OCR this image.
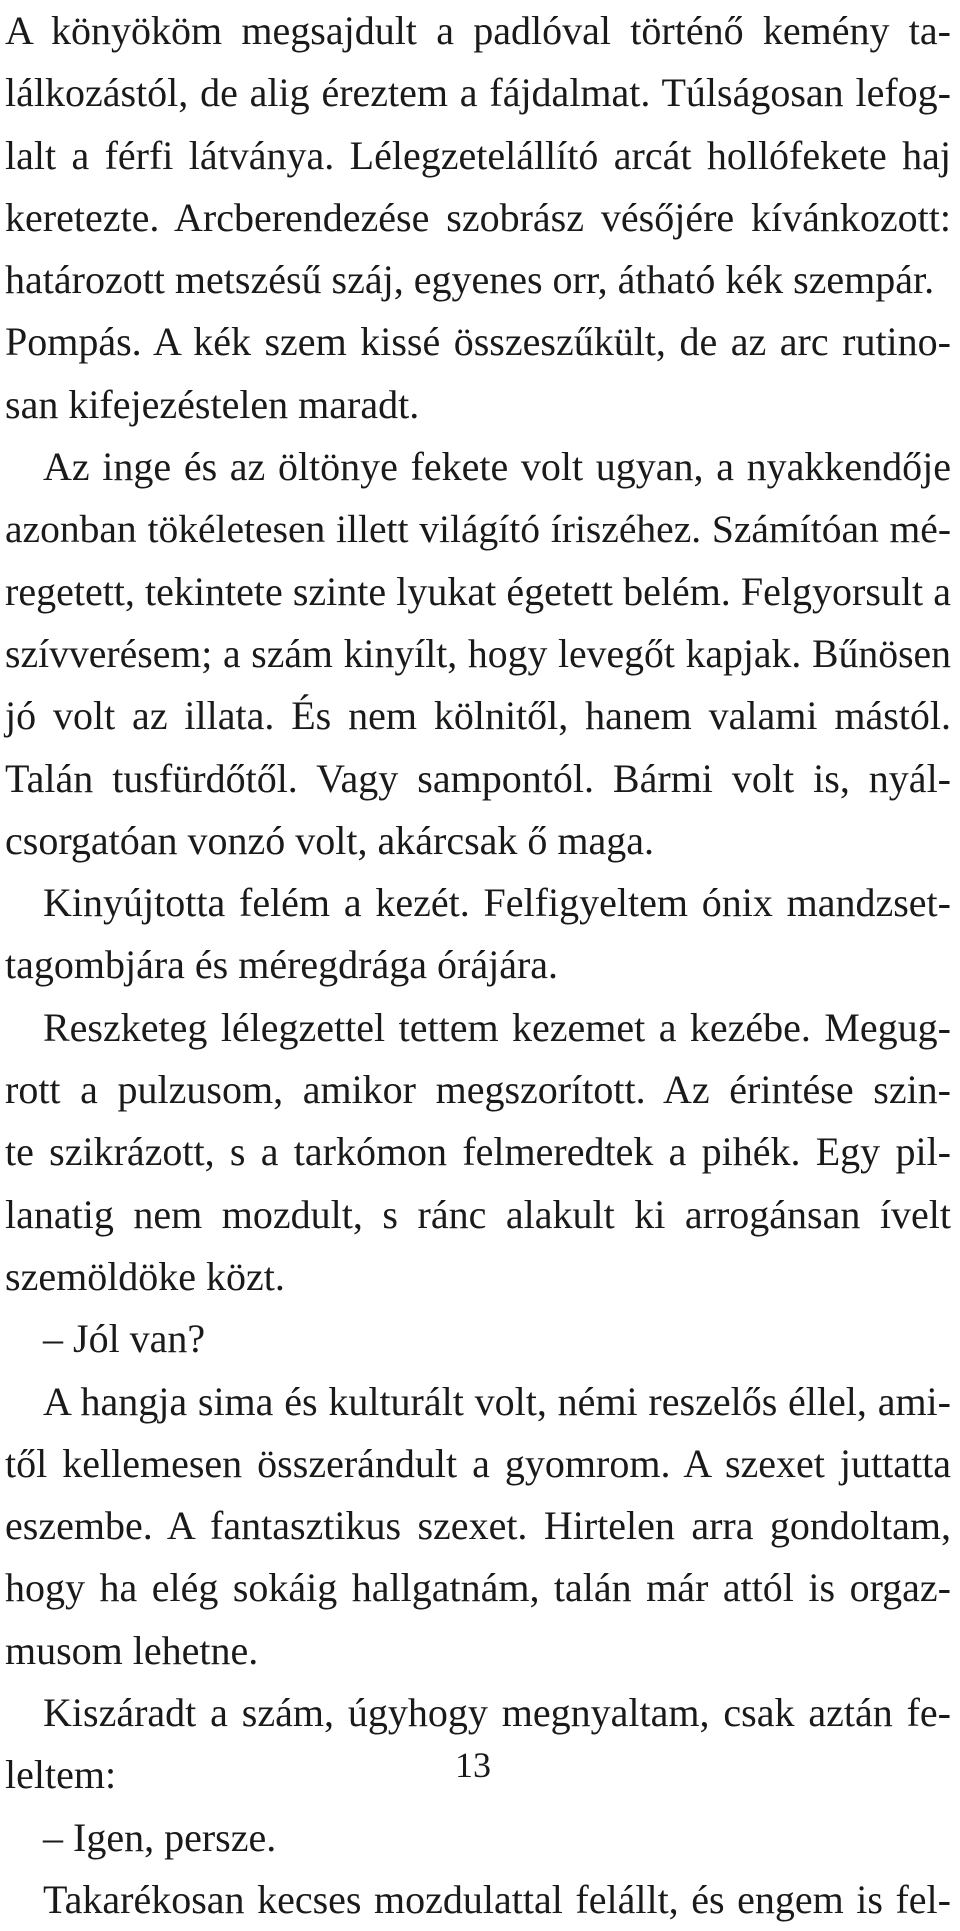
A könyököm megsajdult a padlóval történő kemény ta-
lálkozástól, de alig éreztem a fájdalmat. Túlságosan lefog-
lalt a férfi látványa. Lélegzetelállító arcát hollófekete haj
keretezte. Arcberendezése szobrász vésőjére kívánkozott:
határozott metszésű száj, egyenes orr, átható kék szempár.
Pompás. A kék szem kissé összeszűkült, de az arc rutino-
san kifejezéstelen maradt.
Az inge és az öltönye fekete volt ugyan, a nyakkendője
azonban tökéletesen illett világító íriszéhez. Számítóan mé-
regetett, tekintete szinte lyukat égetett belém. Felgyorsult a
szívverésem; a szám kinyílt, hogy levegőt kapjak. Bűnösen
jó volt az illata. És nem kölnitől, hanem valami mástól.
Talán tusfürdőtől. Vagy sampontól. Bármi volt is, nyál-
csorgatóan vonzó volt, akárcsak ő maga.
Kinyújtotta felém a kezét. Felfigyeltem ónix mandzset-
tagombjára és méregdrága órájára.
Reszketeg lélegzettel tettem kezemet a kezébe. Megug-
rott a pulzusom, amikor megszorított. Az érintése szin-
te szikrázott, s a tarkómon felmeredtek a pihék. Egy pil-
lanatig nem mozdult, s ránc alakult ki arrogánsan ívelt
szemöldöke közt.
– Jól van?
A hangja sima és kulturált volt, némi reszelős éllel, ami-
től kellemesen összerándult a gyomrom. A szexet juttatta
eszembe. A fantasztikus szexet. Hirtelen arra gondoltam,
hogy ha elég sokáig hallgatnám, talán már attól is orgaz-
musom lehetne.
Kiszáradt a szám, úgyhogy megnyaltam, csak aztán fe-
leltem:
– Igen, persze.
Takarékosan kecses mozdulattal felállt, és engem is fel-
13
